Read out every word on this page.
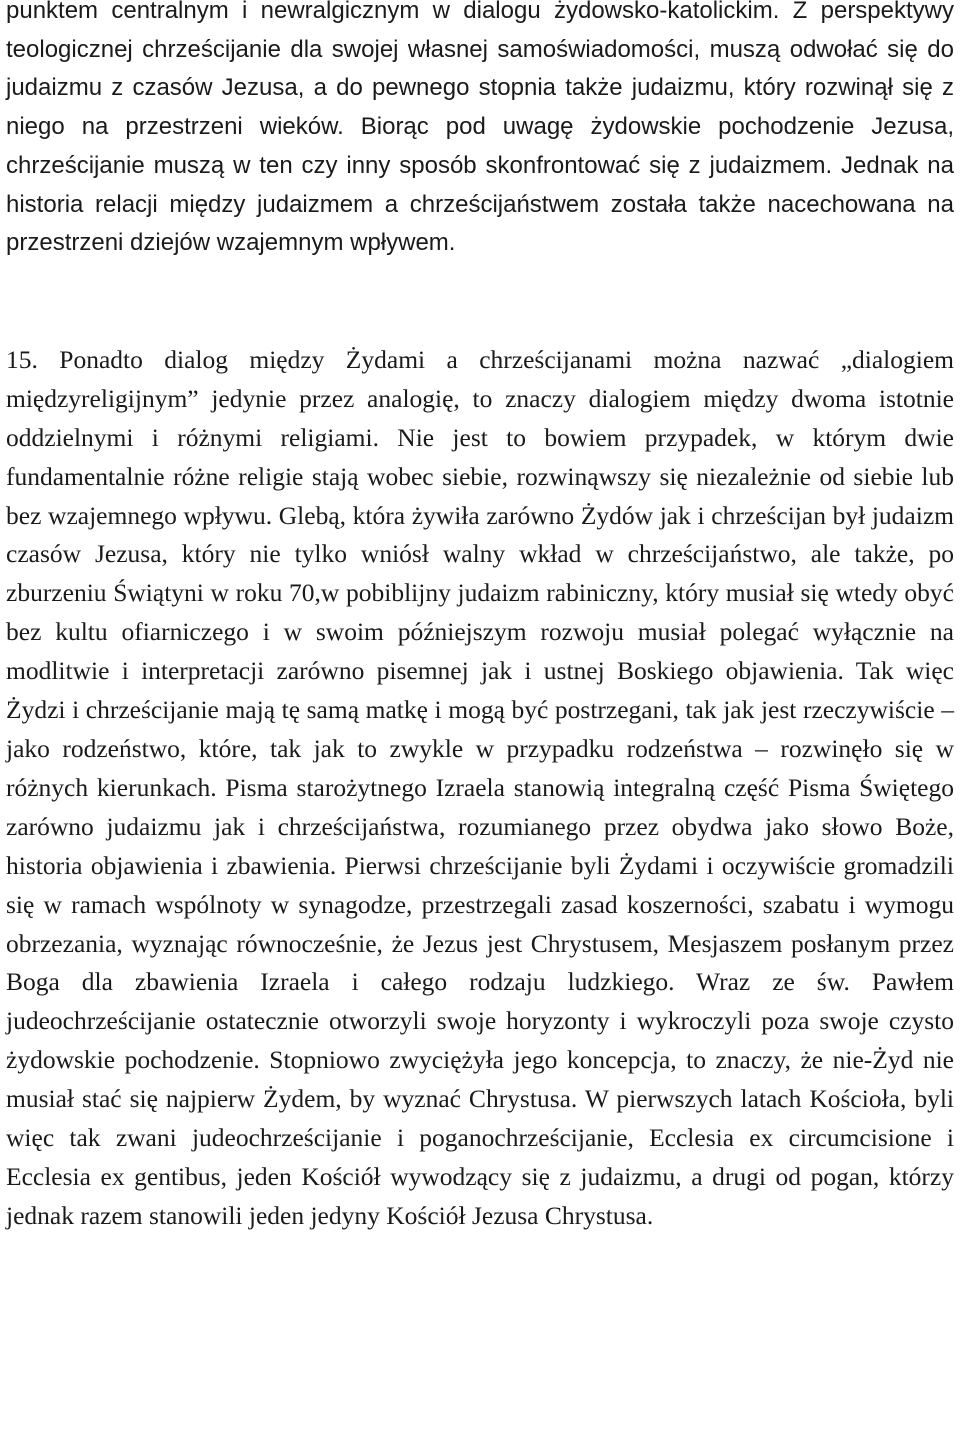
punktem centralnym i newralgicznym w dialogu żydowsko-katolickim. Z perspektywy teologicznej chrześcijanie dla swojej własnej samoświadomości, muszą odwołać się do judaizmu z czasów Jezusa, a do pewnego stopnia także judaizmu, który rozwinął się z niego na przestrzeni wieków. Biorąc pod uwagę żydowskie pochodzenie Jezusa, chrześcijanie muszą w ten czy inny sposób skonfrontować się z judaizmem. Jednak na historia relacji między judaizmem a chrześcijaństwem została także nacechowana na przestrzeni dziejów wzajemnym wpływem.

15. Ponadto dialog między Żydami a chrześcijanami można nazwać „dialogiem międzyreligijnym” jedynie przez analogię, to znaczy dialogiem między dwoma istotnie oddzielnymi i różnymi religiami. Nie jest to bowiem przypadek, w którym dwie fundamentalnie różne religie stają wobec siebie, rozwinąwszy się niezależnie od siebie lub bez wzajemnego wpływu. Glebą, która żywiła zarówno Żydów jak i chrześcijan był judaizm czasów Jezusa, który nie tylko wniósł walny wkład w chrześcijaństwo, ale także, po zburzeniu Świątyni w roku 70,w pobiblijny judaizm rabiniczny, który musiał się wtedy obyć bez kultu ofiarniczego i w swoim późniejszym rozwoju musiał polegać wyłącznie na modlitwie i interpretacji zarówno pisemnej jak i ustnej Boskiego objawienia. Tak więc Żydzi i chrześcijanie mają tę samą matkę i mogą być postrzegani, tak jak jest rzeczywiście – jako rodzeństwo, które, tak jak to zwykle w przypadku rodzeństwa – rozwinęło się w różnych kierunkach. Pisma starożytnego Izraela stanowią integralną część Pisma Świętego zarówno judaizmu jak i chrześcijaństwa, rozumianego przez obydwa jako słowo Boże, historia objawienia i zbawienia. Pierwsi chrześcijanie byli Żydami i oczywiście gromadzili się w ramach wspólnoty w synagodze, przestrzegali zasad koszerności, szabatu i wymogu obrzezania, wyznając równocześnie, że Jezus jest Chrystusem, Mesjaszem posłanym przez Boga dla zbawienia Izraela i całego rodzaju ludzkiego. Wraz ze św. Pawłem judeochrześcijanie ostatecznie otworzyli swoje horyzonty i wykroczyli poza swoje czysto żydowskie pochodzenie. Stopniowo zwyciężyła jego koncepcja, to znaczy, że nie-Żyd nie musiał stać się najpierw Żydem, by wyznać Chrystusa. W pierwszych latach Kościoła, byli więc tak zwani judeochrześcijanie i poganochrześcijanie, Ecclesia ex circumcisione i Ecclesia ex gentibus, jeden Kościół wywodzący się z judaizmu, a drugi od pogan, którzy jednak razem stanowili jeden jedyny Kościół Jezusa Chrystusa.
